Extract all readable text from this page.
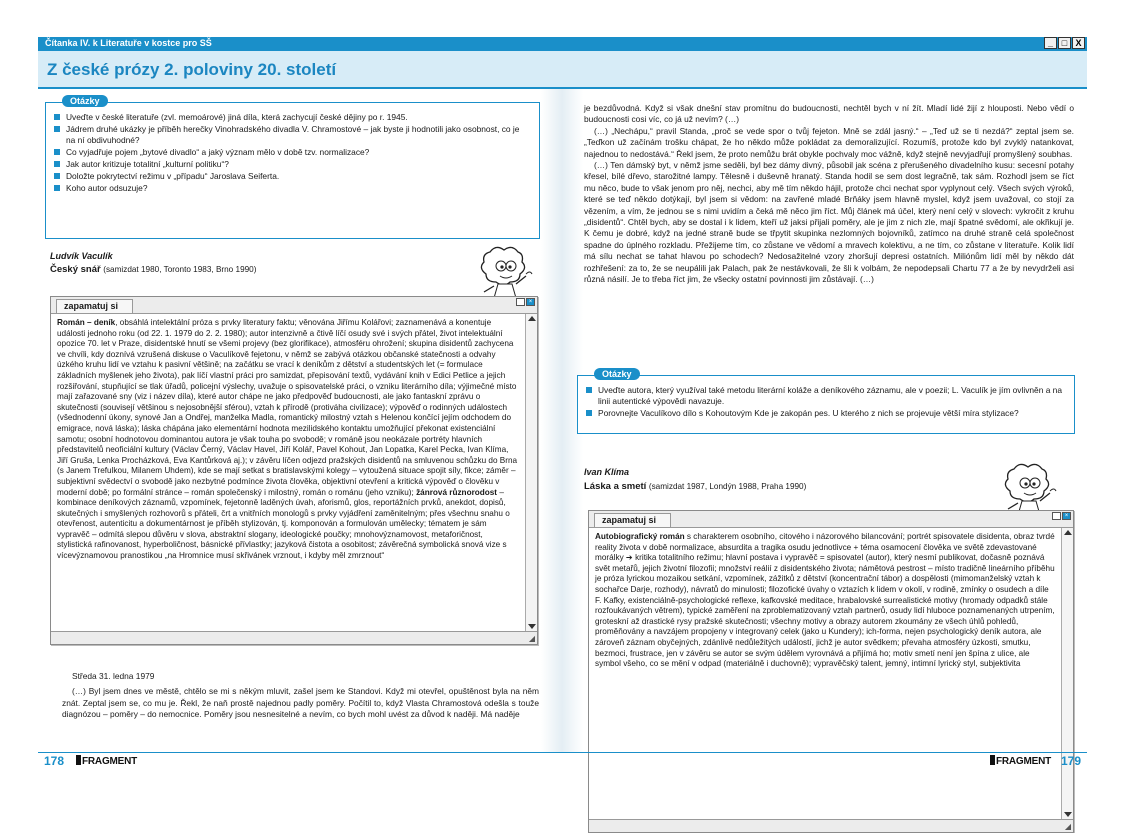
Čítanka IV. k Literatuře v kostce pro SŠ	_ □ X
Z české prózy 2. poloviny 20. století
Otázky
Uveďte v české literatuře (zvl. memoárové) jiná díla, která zachycují české dějiny po r. 1945.
Jádrem druhé ukázky je příběh herečky Vinohradského divadla V. Chramostové – jak byste ji hodnotili jako osobnost, co je na ní obdivuhodné?
Co vyjadřuje pojem „bytové divadlo“ a jaký význam mělo v době tzv. normalizace?
Jak autor kritizuje totalitní „kulturní politiku“?
Doložte pokrytectví režimu v „případu“ Jaroslava Seiferta.
Koho autor odsuzuje?
Ludvík Vaculík
Český snář (samizdat 1980, Toronto 1983, Brno 1990)
zapamatuj si	×
Román – deník, obsáhlá intelektální próza s prvky literatury faktu; věnována Jiřímu Kolářovi; zaznamenává a konentuje události jednoho roku (od 22. 1. 1979 do 2. 2. 1980); autor intenzivně a čtivě líčí osudy své i svých přátel, život intelektuální opozice 70. let v Praze, disidentské hnutí se všemi projevy (bez glorifikace), atmosféru ohrožení; skupina disidentů zachycena ve chvíli, kdy doznívá vzrušená diskuse o Vaculíkově fejetonu, v němž se zabývá otázkou občanské statečnosti a odvahy úzkého kruhu lidí ve vztahu k pasivní většině; na začátku se vrací k deníkům z dětství a studentských let (= formulace základních myšlenek jeho života), pak líčí vlastní práci pro samizdat, přepisování textů, vydávání knih v Edici Petlice a jejich rozšiřování, stupňující se tlak úřadů, policejní výslechy, uvažuje o spisovatelské práci, o vzniku literárního díla; výjimečné místo mají zařazované sny (viz i název díla), které autor chápe ne jako předpověď budoucnosti, ale jako fantaskní zprávu o skutečnosti (souvisejí většinou s nejosobnější sférou), vztah k přírodě (protiváha civilizace); výpověď o rodinných událostech (všednodenní úkony, synové Jan a Ondřej, manželka Madla, romantický milostný vztah s Helenou končící jejím odchodem do emigrace, nová láska); láska chápána jako elementární hodnota mezilidského kontaktu umožňující překonat existenciální samotu; osobní hodnotovou dominantou autora je však touha po svobodě; v románě jsou neokázale portréty hlavních představitelů neoficiální kultury (Václav Černý, Václav Havel, Jiří Kolář, Pavel Kohout, Jan Lopatka, Karel Pecka, Ivan Klíma, Jiří Gruša, Lenka Procházková, Eva Kantůrková aj.); v závěru líčen odjezd pražských disidentů na smluvenou schůzku do Brna (s Janem Trefulkou, Milanem Uhdem), kde se mají setkat s bratislavskými kolegy – vytoužená situace spojit síly, fikce; záměr – subjektivní svědectví o svobodě jako nezbytné podmínce života člověka, objektivní otevření a kritická výpověď o člověku v moderní době; po formální stránce – román společenský i milostný, román o románu (jeho vzniku); žánrová různorodost – kombinace deníkových záznamů, vzpomínek, fejetonně laděných úvah, aforismů, glos, reportážních prvků, anekdot, dopisů, skutečných i smyšlených rozhovorů s přáteli, črt a vnitřních monologů s prvky vyjádření zaměnitelným; přes všechnu snahu o otevřenost, autenticitu a dokumentárnost je příběh stylizován, tj. komponován a formulován umělecky; tématem je sám vypravěč – odmítá slepou důvěru v slova, abstraktní slogany, ideologické poučky; mnohovýznamovost, metaforičnost, stylistická rafinovanost, hyperboličnost, básnické přívlastky; jazyková čistota a osobitost; závěrečná symbolická snová vize s vícevýznamovou pranostikou „na Hromnice musí skřivánek vrznout, i kdyby měl zmrznout“
◢

Středa 31. ledna 1979

(…) Byl jsem dnes ve městě, chtělo se mi s někým mluvit, zašel jsem ke Standovi. Když mi otevřel, opuštěnost byla na něm znát. Zeptal jsem se, co mu je. Řekl, že naň prostě najednou padly poměry. Počítil to, když Vlasta Chramostová odešla s touže diagnózou – poměry – do nemocnice. Poměry jsou nesnesitelné a nevím, co bych mohl uvést za důvod k naději. Má naděje

je bezdůvodná. Když si však dnešní stav promítnu do budoucnosti, nechtěl bych v ní žít. Mladí lidé žijí z hlouposti. Nebo vědí o budoucnosti cosi víc, co já už nevím? (…)

(…) „Nechápu,“ pravil Standa, „proč se vede spor o tvůj fejeton. Mně se zdál jasný.“ – „Teď už se ti nezdá?“ zeptal jsem se. „Teďkon už začínám trošku chápat, že ho někdo může pokládat za demoralizující. Rozumíš, protože kdo byl zvyklý natankovat, najednou to nedostává.“ Řekl jsem, že proto nemůžu brát obykle pochvaly moc vážně, když stejně nevyjadřují promyšlený soubhas.

(…) Ten dámský byt, v němž jsme seděli, byl bez dámy divný, působil jak scéna z přerušeného divadelního kusu: secesní potahy křesel, bílé dřevo, starožitné lampy. Tělesně i duševně hranatý. Standa hodil se sem dost legračně, tak sám. Rozhodl jsem se říct mu něco, bude to však jenom pro něj, nechci, aby mě tím někdo hájil, protože chci nechat spor vyplynout celý. Všech svých výroků, které se teď někdo dotýkají, byl jsem si vědom: na zavřené mladé Brňáky jsem hlavně myslel, když jsem uvažoval, co stojí za vězením, a vím, že jednou se s nimi uvidím a čeká mě něco jim říct. Můj článek má účel, který není celý v slovech: vykročit z kruhu „disidentů“. Chtěl bych, aby se dostal i k lidem, kteří už jaksi přijali poměry, ale je jim z nich zle, mají špatné svědomí, ale okřikují je. K čemu je dobré, když na jedné straně bude se třpytit skupinka nezlomných bojovníků, zatímco na druhé straně celá společnost spadne do úplného rozkladu. Přežijeme tím, co zůstane ve vědomí a mravech kolektivu, a ne tím, co zůstane v literatuře. Kolik lidí má sílu nechat se tahat hlavou po schodech? Nedosažitelné vzory zhoršují depresi ostatních. Miliónům lidí měl by někdo dát rozhřešení: za to, že se neupálili jak Palach, pak že nestávkovali, že šli k volbám, že nepodepsali Chartu 77 a že by nevydrželi asi různá násilí. Je to třeba říct jim, že všecky ostatní povinnosti jim zůstávají. (…)

Otázky
Uveďte autora, který využíval také metodu literární koláže a deníkového záznamu, ale v poezii; L. Vaculík je jím ovlivněn a na linii autentické výpovědi navazuje.
Porovnejte Vaculíkovo dílo s Kohoutovým Kde je zakopán pes. U kterého z nich se projevuje větší míra stylizace?
Ivan Klíma
Láska a smetí (samizdat 1987, Londýn 1988, Praha 1990)
zapamatuj si	×
Autobiografický román s charakterem osobního, citového i názorového bilancování; portrét spisovatele disidenta, obraz tvrdé reality života v době normalizace, absurdita a tragika osudu jednotlivce + téma osamocení člověka ve světě zdevastované morálky ➔ kritika totalitního režimu; hlavní postava i vypravěč = spisovatel (autor), který nesmí publikovat, dočasně poznává svět metařů, jejich životní filozofii; množství reálií z disidentského života; námětová pestrost – místo tradičně lineárního příběhu je próza lyrickou mozaikou setkání, vzpomínek, zážitků z dětství (koncentrační tábor) a dospělosti (mimomanželský vztah k sochařce Darje, rozhody), návratů do minulosti; filozofické úvahy o vztazích k lidem v okolí, v rodině, zmínky o osudech a díle F. Kafky, existenciálně-psychologické reflexe, kafkovské meditace, hrabalovské surrealistické motivy (hromady odpadků stále rozfoukávaných větrem), typické zaměření na zproblematizovaný vztah partnerů, osudy lidí hluboce poznamenaných utrpením, groteskní až drastické rysy pražské skutečnosti; všechny motivy a obrazy autorem zkoumány ze všech úhlů pohledů, proměňovány a navzájem propojeny v integrovaný celek (jako u Kundery); ich-forma, nejen psychologický deník autora, ale zároveň záznam obyčejných, zdánlivě nedůležitých událostí, jichž je autor svědkem; převaha atmosféry úzkosti, smutku, bezmoci, frustrace, jen v závěru se autor se svým údělem vyrovnává a přijímá ho; motiv smetí není jen špína z ulice, ale symbol všeho, co se mění v odpad (materiálně i duchovně); vypravěčský talent, jemný, intimní lyrický styl, subjektivita
◢
178	FRAGMENT	FRAGMENT 179
